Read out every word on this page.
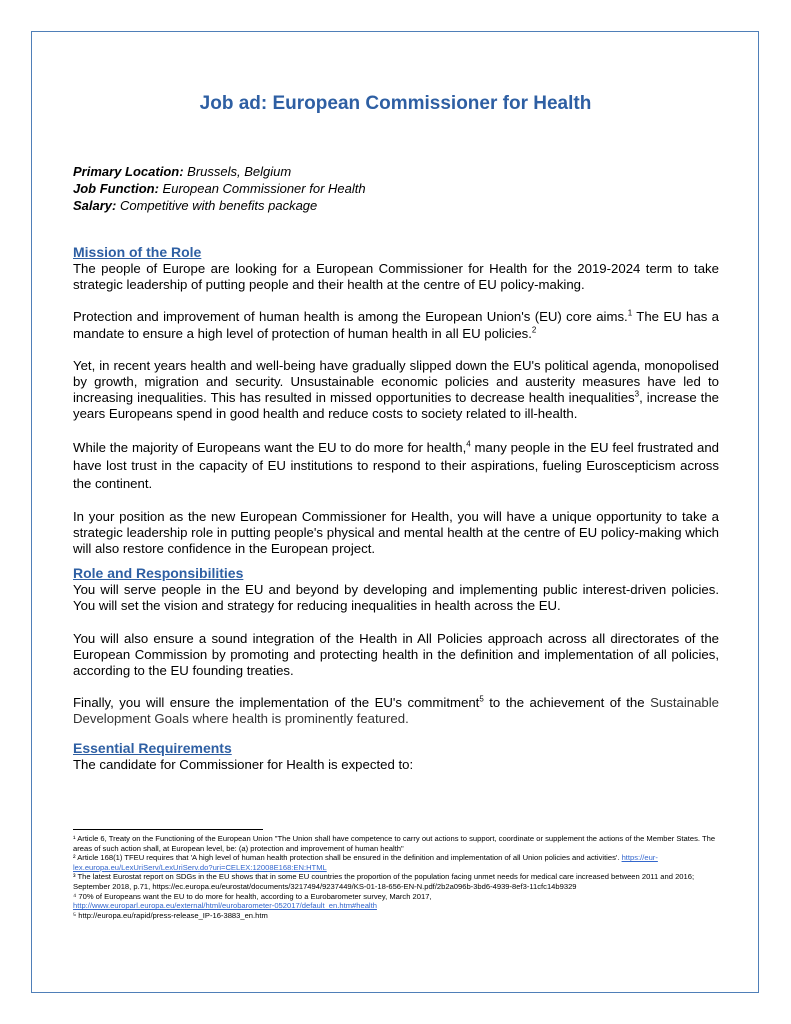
Job ad: European Commissioner for Health
Primary Location: Brussels, Belgium
Job Function: European Commissioner for Health
Salary: Competitive with benefits package
Mission of the Role

The people of Europe are looking for a European Commissioner for Health for the 2019-2024 term to take strategic leadership of putting people and their health at the centre of EU policy-making.

Protection and improvement of human health is among the European Union's (EU) core aims.$^1$ The EU has a mandate to ensure a high level of protection of human health in all EU policies.$^2$

Yet, in recent years health and well-being have gradually slipped down the EU's political agenda, monopolised by growth, migration and security. Unsustainable economic policies and austerity measures have led to increasing inequalities. This has resulted in missed opportunities to decrease health inequalities$^3$, increase the years Europeans spend in good health and reduce costs to society related to ill-health.

While the majority of Europeans want the EU to do more for health,$^4$ many people in the EU feel frustrated and have lost trust in the capacity of EU institutions to respond to their aspirations, fueling Euroscepticism across the continent.

In your position as the new European Commissioner for Health, you will have a unique opportunity to take a strategic leadership role in putting people's physical and mental health at the centre of EU policy-making which will also restore confidence in the European project.

Role and Responsibilities

You will serve people in the EU and beyond by developing and implementing public interest-driven policies. You will set the vision and strategy for reducing inequalities in health across the EU.

You will also ensure a sound integration of the Health in All Policies approach across all directorates of the European Commission by promoting and protecting health in the definition and implementation of all policies, according to the EU founding treaties.

Finally, you will ensure the implementation of the EU's commitment$^5$ to the achievement of the Sustainable Development Goals where health is prominently featured.

Essential Requirements

The candidate for Commissioner for Health is expected to:

¹ Article 6, Treaty on the Functioning of the European Union "The Union shall have competence to carry out actions to support, coordinate or supplement the actions of the Member States. The areas of such action shall, at European level, be: (a) protection and improvement of human health"
² Article 168(1) TFEU requires that 'A high level of human health protection shall be ensured in the definition and implementation of all Union policies and activities'. https://eur-lex.europa.eu/LexUriServ/LexUriServ.do?uri=CELEX:12008E168:EN:HTML
³ The latest Eurostat report on SDGs in the EU shows that in some EU countries the proportion of the population facing unmet needs for medical care increased between 2011 and 2016; September 2018, p.71, https://ec.europa.eu/eurostat/documents/3217494/9237449/KS-01-18-656-EN-N.pdf/2b2a096b-3bd6-4939-8ef3-11cfc14b9329
⁴ 70% of Europeans want the EU to do more for health, according to a Eurobarometer survey, March 2017,
http://www.europarl.europa.eu/external/html/eurobarometer-052017/default_en.htm#health
⁵ http://europa.eu/rapid/press-release_IP-16-3883_en.htm
